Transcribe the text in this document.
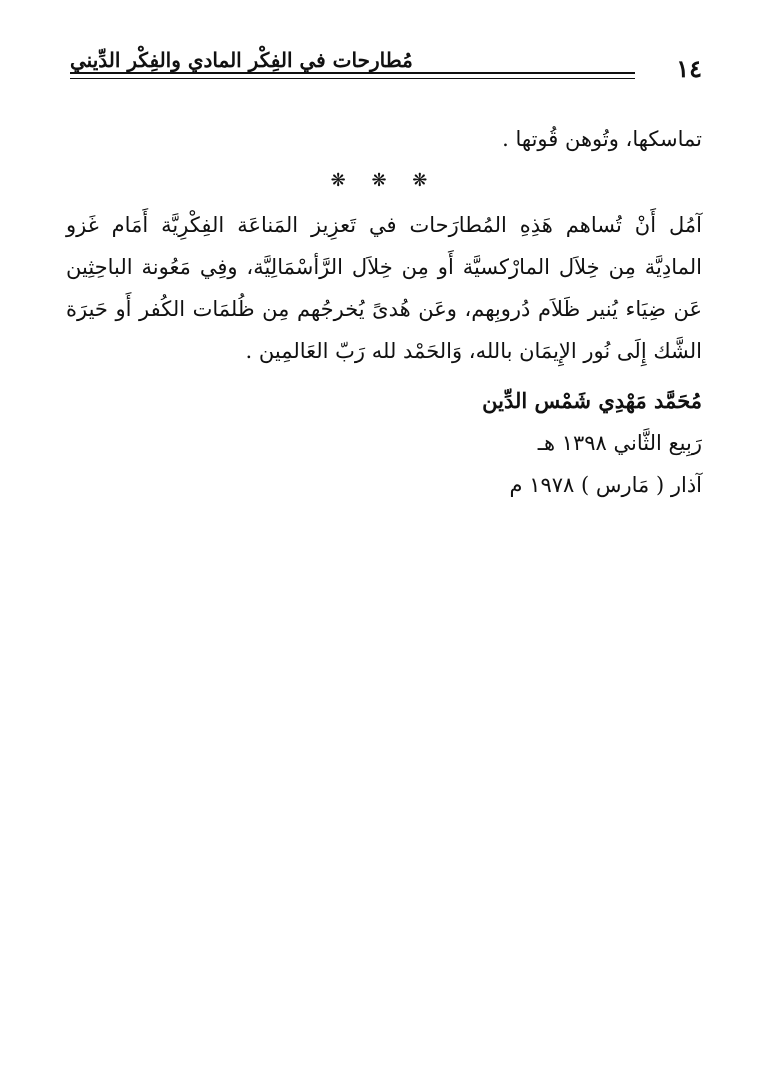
١٤
مُطارحات في الفِكْر المادي والفِكْر الدِّيني

تماسكها، وتُوهن قُوتها .

❋ ❋ ❋

آمُل أَنْ تُساهم هَذِهِ المُطارَحات في تَعزِيز المَناعَة الفِكْرِيَّة أَمَام غَزو المادِيَّة مِن خِلاَل المارْكسيَّة أَو مِن خِلاَل الرَّأسْمَالِيَّة، وفِي مَعُونة الباحِثِين عَن ضِيَاء يُنير ظَلاَم دُروبِهم، وعَن هُدىً يُخرجُهم مِن ظُلمَات الكُفر أَو حَيرَة الشَّك إِلَى نُور الإِيمَان بالله، وَالحَمْد لله رَبّ العَالمِين .

مُحَمَّد مَهْدِي شَمْس الدِّين
رَبِيع الثَّاني ١٣٩٨ هـ
آذار ( مَارس ) ١٩٧٨ م
